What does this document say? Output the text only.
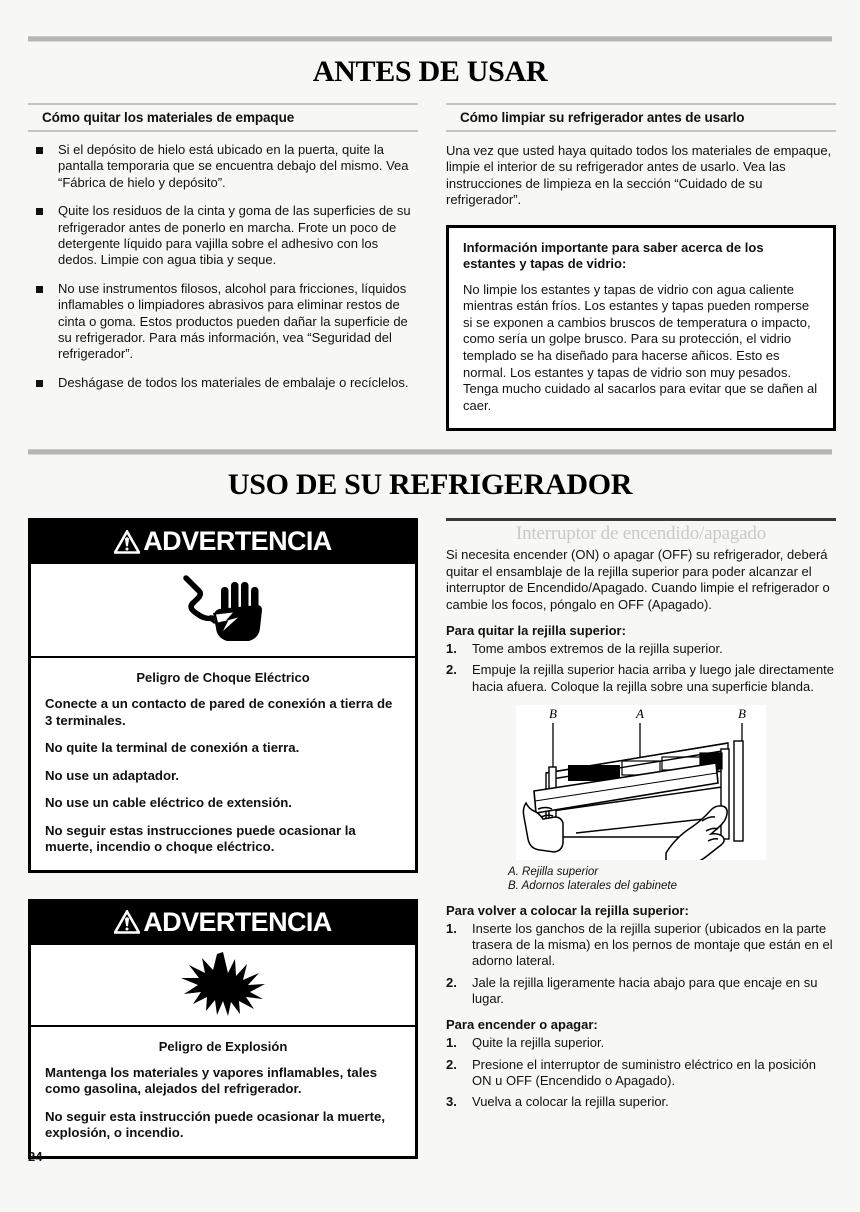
ANTES DE USAR
Cómo quitar los materiales de empaque
Si el depósito de hielo está ubicado en la puerta, quite la pantalla temporaria que se encuentra debajo del mismo. Vea “Fábrica de hielo y depósito”.
Quite los residuos de la cinta y goma de las superficies de su refrigerador antes de ponerlo en marcha. Frote un poco de detergente líquido para vajilla sobre el adhesivo con los dedos. Limpie con agua tibia y seque.
No use instrumentos filosos, alcohol para fricciones, líquidos inflamables o limpiadores abrasivos para eliminar restos de cinta o goma. Estos productos pueden dañar la superficie de su refrigerador. Para más información, vea “Seguridad del refrigerador”.
Deshágase de todos los materiales de embalaje o recíclelos.
Cómo limpiar su refrigerador antes de usarlo
Una vez que usted haya quitado todos los materiales de empaque, limpie el interior de su refrigerador antes de usarlo. Vea las instrucciones de limpieza en la sección “Cuidado de su refrigerador”.
Información importante para saber acerca de los estantes y tapas de vidrio:
No limpie los estantes y tapas de vidrio con agua caliente mientras están fríos. Los estantes y tapas pueden romperse si se exponen a cambios bruscos de temperatura o impacto, como sería un golpe brusco. Para su protección, el vidrio templado se ha diseñado para hacerse añicos. Esto es normal. Los estantes y tapas de vidrio son muy pesados. Tenga mucho cuidado al sacarlos para evitar que se dañen al caer.
USO DE SU REFRIGERADOR
ADVERTENCIA
Peligro de Choque Eléctrico

Conecte a un contacto de pared de conexión a tierra de 3 terminales.

No quite la terminal de conexión a tierra.

No use un adaptador.

No use un cable eléctrico de extensión.

No seguir estas instrucciones puede ocasionar la muerte, incendio o choque eléctrico.

ADVERTENCIA
Peligro de Explosión

Mantenga los materiales y vapores inflamables, tales como gasolina, alejados del refrigerador.

No seguir esta instrucción puede ocasionar la muerte, explosión, o incendio.

Interruptor de encendido/apagado
Si necesita encender (ON) o apagar (OFF) su refrigerador, deberá quitar el ensamblaje de la rejilla superior para poder alcanzar el interruptor de Encendido/Apagado. Cuando limpie el refrigerador o cambie los focos, póngalo en OFF (Apagado).
Para quitar la rejilla superior:
1. Tome ambos extremos de la rejilla superior.
2. Empuje la rejilla superior hacia arriba y luego jale directamente hacia afuera. Coloque la rejilla sobre una superficie blanda.
B	A	B
A. Rejilla superior
B. Adornos laterales del gabinete
Para volver a colocar la rejilla superior:
1. Inserte los ganchos de la rejilla superior (ubicados en la parte trasera de la misma) en los pernos de montaje que están en el adorno lateral.
2. Jale la rejilla ligeramente hacia abajo para que encaje en su lugar.
Para encender o apagar:
1. Quite la rejilla superior.
2. Presione el interruptor de suministro eléctrico en la posición ON u OFF (Encendido o Apagado).
3. Vuelva a colocar la rejilla superior.
24
